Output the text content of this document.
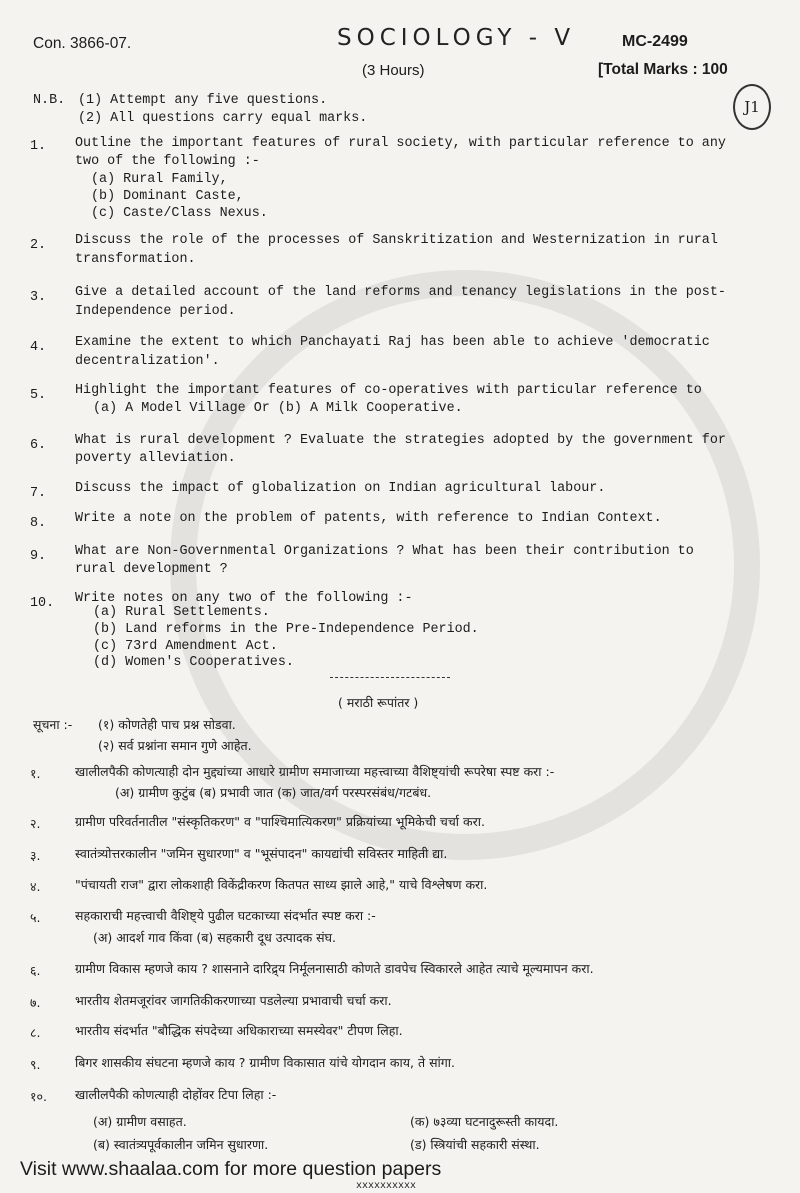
Con. 3866-07.	SOCIOLOGY - V	MC-2499
(3 Hours)	[Total Marks : 100
J1
N.B. (1) Attempt any five questions.
(2) All questions carry equal marks.
1. Outline the important features of rural society, with particular reference to any
two of the following :-
(a) Rural Family,
(b) Dominant Caste,
(c) Caste/Class Nexus.
2. Discuss the role of the processes of Sanskritization and Westernization in rural
transformation.
3. Give a detailed account of the land reforms and tenancy legislations in the post-
Independence period.
4. Examine the extent to which Panchayati Raj has been able to achieve 'democratic
decentralization'.
5. Highlight the important features of co-operatives with particular reference to
(a) A Model Village Or (b) A Milk Cooperative.
6. What is rural development ? Evaluate the strategies adopted by the government for
poverty alleviation.
7. Discuss the impact of globalization on Indian agricultural labour.
8. Write a note on the problem of patents, with reference to Indian Context.
9. What are Non-Governmental Organizations ? What has been their contribution to
rural development ?
10. Write notes on any two of the following :-
(a) Rural Settlements.
(b) Land reforms in the Pre-Independence Period.
(c) 73rd Amendment Act.
(d) Women's Cooperatives.
( मराठी रूपांतर )
सूचना :- (१) कोणतेही पाच प्रश्न सोडवा.
(२) सर्व प्रश्नांना समान गुणे आहेत.
१.	खालीलपैकी कोणत्याही दोन मुद्द्यांच्या आधारे ग्रामीण समाजाच्या महत्त्वाच्या वैशिष्ट्यांची रूपरेषा स्पष्ट करा :-
(अ) ग्रामीण कुटुंब (ब) प्रभावी जात (क) जात/वर्ग परस्परसंबंध/गटबंध.
२.	ग्रामीण परिवर्तनातील "संस्कृतिकरण" व "पाश्चिमात्यिकरण" प्रक्रियांच्या भूमिकेची चर्चा करा.
३.	स्वातंत्र्योत्तरकालीन "जमिन सुधारणा" व "भूसंपादन" कायद्यांची सविस्तर माहिती द्या.
४.	"पंचायती राज" द्वारा लोकशाही विकेंद्रीकरण कितपत साध्य झाले आहे," याचे विश्लेषण करा.
५.	सहकाराची महत्त्वाची वैशिष्ट्ये पुढील घटकाच्या संदर्भात स्पष्ट करा :-
(अ) आदर्श गाव किंवा (ब) सहकारी दूध उत्पादक संघ.
६.	ग्रामीण विकास म्हणजे काय ? शासनाने दारिद्र्य निर्मूलनासाठी कोणते डावपेच स्विकारले आहेत त्याचे मूल्यमापन करा.
७.	भारतीय शेतमजूरांवर जागतिकीकरणाच्या पडलेल्या प्रभावाची चर्चा करा.
८.	भारतीय संदर्भात "बौद्धिक संपदेच्या अधिकाराच्या समस्येवर" टीपण लिहा.
९.	बिगर शासकीय संघटना म्हणजे काय ? ग्रामीण विकासात यांचे योगदान काय, ते सांगा.
१०. खालीलपैकी कोणत्याही दोहोंवर टिपा लिहा :-
(अ) ग्रामीण वसाहत.	(क) ७३व्या घटनादुरूस्ती कायदा.
(ब) स्वातंत्र्यपूर्वकालीन जमिन सुधारणा.	(ड) स्त्रियांची सहकारी संस्था.
Visit www.shaalaa.com for more question papers
xxxxxxxxxx
